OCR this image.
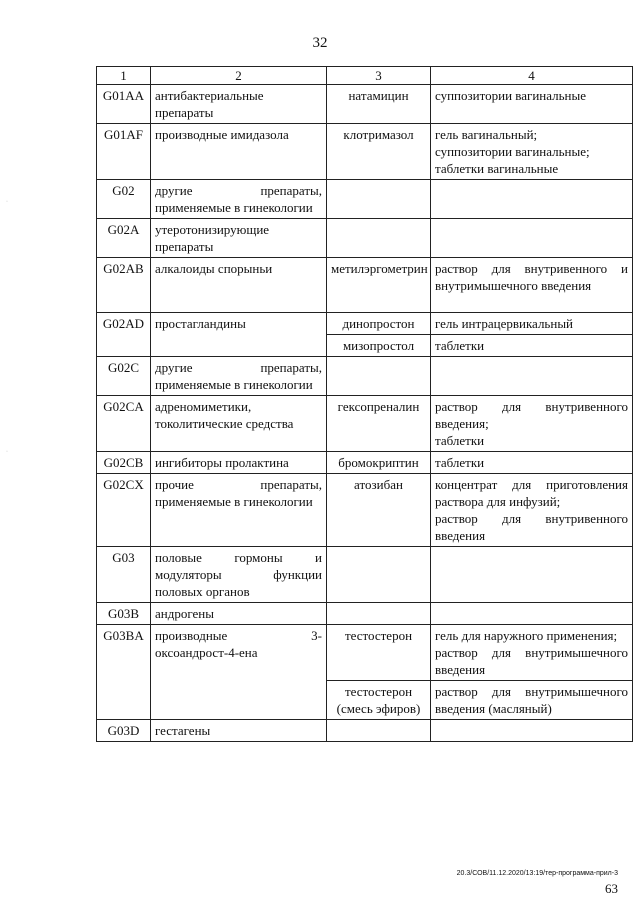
32
1	2	3	4
G01AA	антибактериальные препараты	натамицин	суппозитории вагинальные
G01AF	производные имидазола	клотримазол	гель вагинальный;
суппозитории вагинальные;
таблетки вагинальные
G02	другие препараты, применяемые в гинекологии		
G02A	утеротонизирующие препараты		
G02AB	алкалоиды спорыньи	метилэргометрин	раствор для внутривенного и внутримышечного введения
G02AD	простагландины	динопростон	гель интрацервикальный
		мизопростол	таблетки
G02C	другие препараты, применяемые в гинекологии		
G02CA	адреномиметики, токолитические средства	гексопреналин	раствор для внутривенного введения;
таблетки
G02CB	ингибиторы пролактина	бромокриптин	таблетки
G02CX	прочие препараты, применяемые в гинекологии	атозибан	концентрат для приготовления раствора для инфузий;
раствор для внутривенного введения
G03	половые гормоны и модуляторы функции половых органов		
G03B	андрогены		
G03BA	производные 3-оксоандрост-4-ена	тестостерон	гель для наружного применения;
раствор для внутримышечного введения
		тестостерон (смесь эфиров)	раствор для внутримышечного введения (масляный)
G03D	гестагены		
20.3/СОВ/11.12.2020/13:19/тер-программа-прил-3
63
·
·
